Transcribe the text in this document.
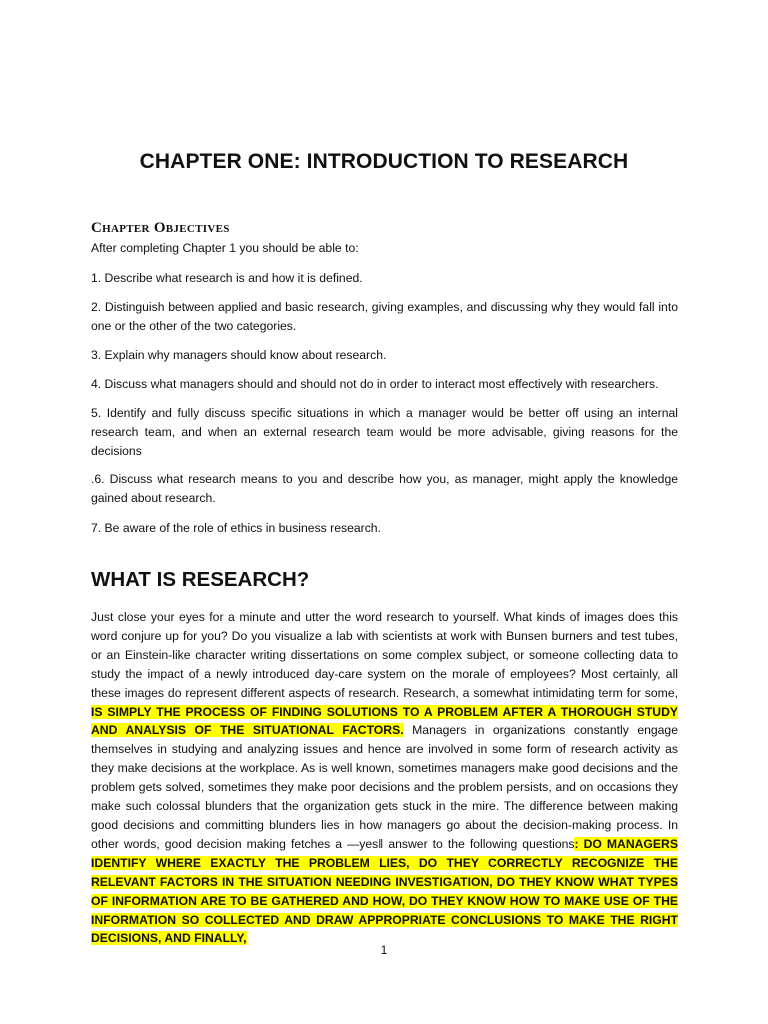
CHAPTER ONE: INTRODUCTION TO RESEARCH
Chapter Objectives
After completing Chapter 1 you should be able to:
1. Describe what research is and how it is defined.
2. Distinguish between applied and basic research, giving examples, and discussing why they would fall into one or the other of the two categories.
3. Explain why managers should know about research.
4. Discuss what managers should and should not do in order to interact most effectively with researchers.
5. Identify and fully discuss specific situations in which a manager would be better off using an internal research team, and when an external research team would be more advisable, giving reasons for the decisions
.6. Discuss what research means to you and describe how you, as manager, might apply the knowledge gained about research.
7. Be aware of the role of ethics in business research.
WHAT IS RESEARCH?
Just close your eyes for a minute and utter the word research to yourself. What kinds of images does this word conjure up for you? Do you visualize a lab with scientists at work with Bunsen burners and test tubes, or an Einstein-like character writing dissertations on some complex subject, or someone collecting data to study the impact of a newly introduced day-care system on the morale of employees? Most certainly, all these images do represent different aspects of research. Research, a somewhat intimidating term for some, IS SIMPLY THE PROCESS OF FINDING SOLUTIONS TO A PROBLEM AFTER A THOROUGH STUDY AND ANALYSIS OF THE SITUATIONAL FACTORS. Managers in organizations constantly engage themselves in studying and analyzing issues and hence are involved in some form of research activity as they make decisions at the workplace. As is well known, sometimes managers make good decisions and the problem gets solved, sometimes they make poor decisions and the problem persists, and on occasions they make such colossal blunders that the organization gets stuck in the mire. The difference between making good decisions and committing blunders lies in how managers go about the decision-making process. In other words, good decision making fetches a —yes‖ answer to the following questions: DO MANAGERS IDENTIFY WHERE EXACTLY THE PROBLEM LIES, DO THEY CORRECTLY RECOGNIZE THE RELEVANT FACTORS IN THE SITUATION NEEDING INVESTIGATION, DO THEY KNOW WHAT TYPES OF INFORMATION ARE TO BE GATHERED AND HOW, DO THEY KNOW HOW TO MAKE USE OF THE INFORMATION SO COLLECTED AND DRAW APPROPRIATE CONCLUSIONS TO MAKE THE RIGHT DECISIONS, AND FINALLY,
1
